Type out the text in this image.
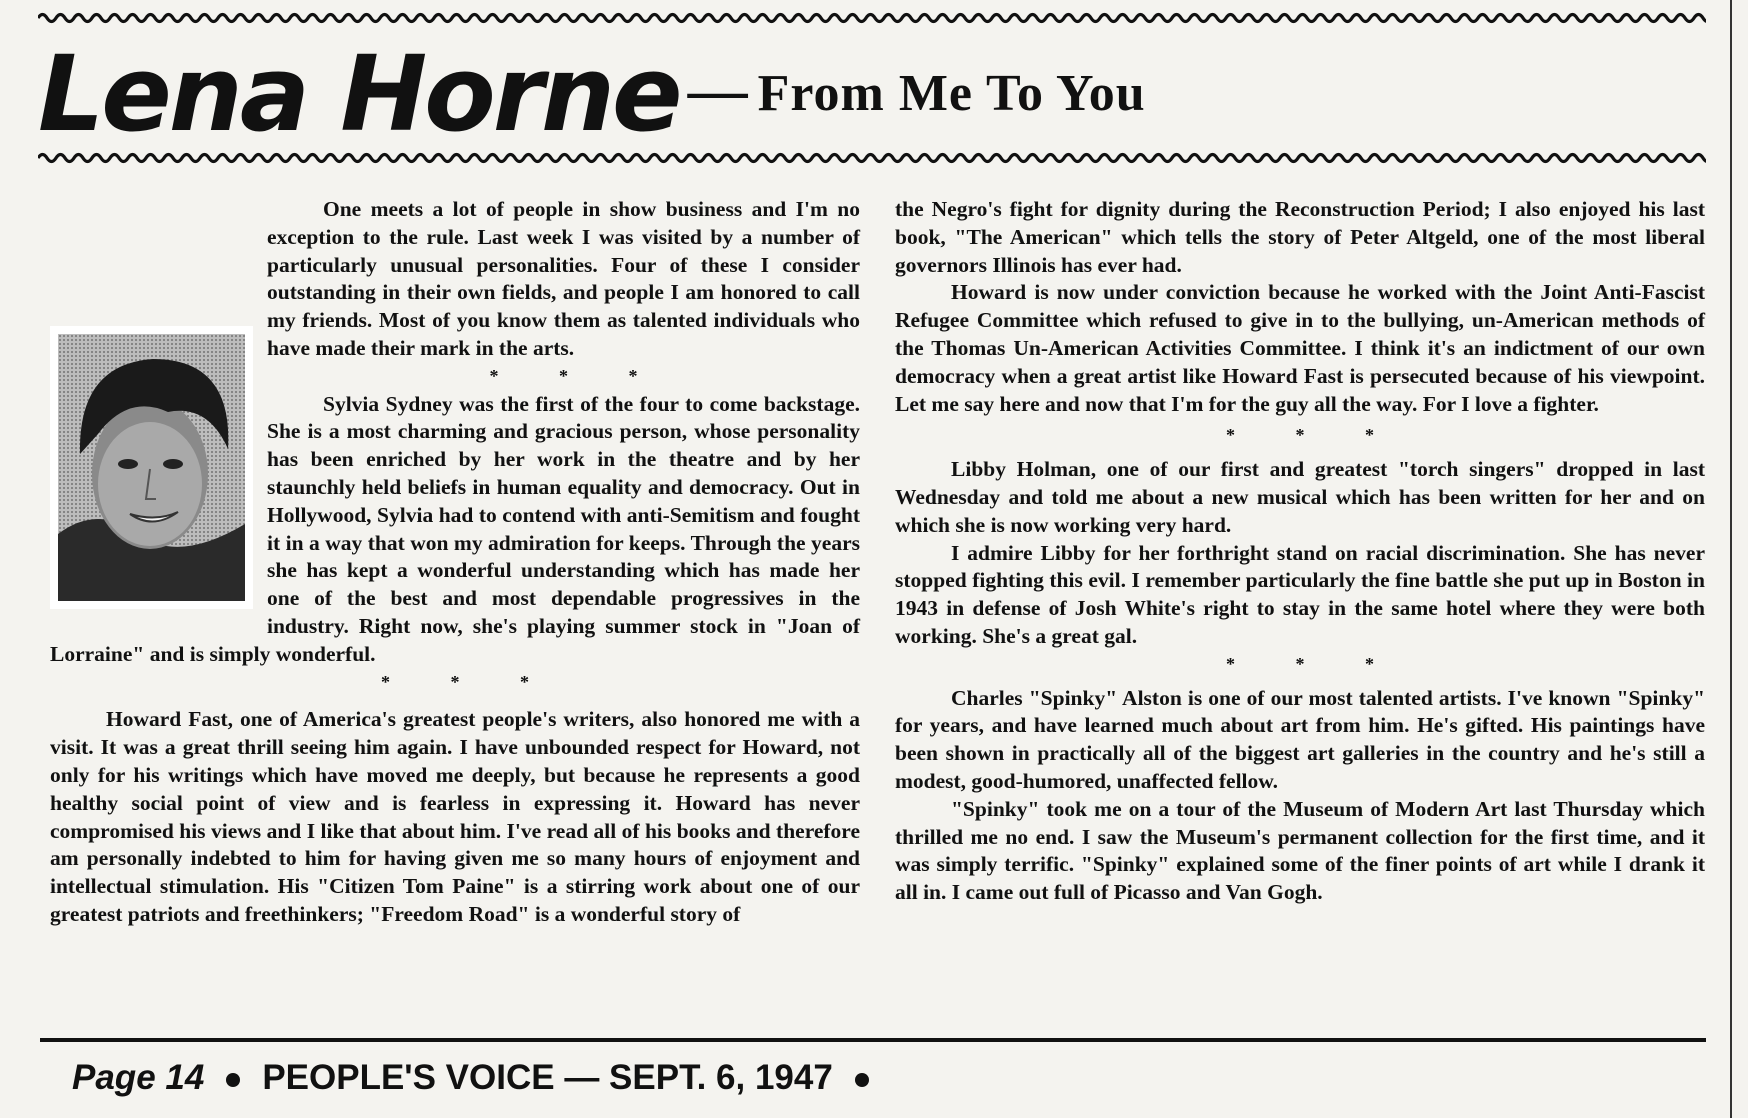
Lena Horne — From Me To You

One meets a lot of people in show business and I'm no exception to the rule. Last week I was visited by a number of particularly unusual personalities. Four of these I consider outstanding in their own fields, and people I am honored to call my friends. Most of you know them as talented individuals who have made their mark in the arts.

* * *

Sylvia Sydney was the first of the four to come backstage. She is a most charming and gracious person, whose personality has been enriched by her work in the theatre and by her staunchly held beliefs in human equality and democracy. Out in Hollywood, Sylvia had to contend with anti-Semitism and fought it in a way that won my admiration for keeps. Through the years she has kept a wonderful understanding which has made her one of the best and most dependable progressives in the industry. Right now, she's playing summer stock in "Joan of Lorraine" and is simply wonderful.

* * *

Howard Fast, one of America's greatest people's writers, also honored me with a visit. It was a great thrill seeing him again. I have unbounded respect for Howard, not only for his writings which have moved me deeply, but because he represents a good healthy social point of view and is fearless in expressing it. Howard has never compromised his views and I like that about him. I've read all of his books and therefore am personally indebted to him for having given me so many hours of enjoyment and intellectual stimulation. His "Citizen Tom Paine" is a stirring work about one of our greatest patriots and freethinkers; "Freedom Road" is a wonderful story of

the Negro's fight for dignity during the Reconstruction Period; I also enjoyed his last book, "The American" which tells the story of Peter Altgeld, one of the most liberal governors Illinois has ever had.

Howard is now under conviction because he worked with the Joint Anti-Fascist Refugee Committee which refused to give in to the bullying, un-American methods of the Thomas Un-American Activities Committee. I think it's an indictment of our own democracy when a great artist like Howard Fast is persecuted because of his viewpoint. Let me say here and now that I'm for the guy all the way. For I love a fighter.

* * *

Libby Holman, one of our first and greatest "torch singers" dropped in last Wednesday and told me about a new musical which has been written for her and on which she is now working very hard.

I admire Libby for her forthright stand on racial discrimination. She has never stopped fighting this evil. I remember particularly the fine battle she put up in Boston in 1943 in defense of Josh White's right to stay in the same hotel where they were both working. She's a great gal.

* * *

Charles "Spinky" Alston is one of our most talented artists. I've known "Spinky" for years, and have learned much about art from him. He's gifted. His paintings have been shown in practically all of the biggest art galleries in the country and he's still a modest, good-humored, unaffected fellow.

"Spinky" took me on a tour of the Museum of Modern Art last Thursday which thrilled me no end. I saw the Museum's permanent collection for the first time, and it was simply terrific. "Spinky" explained some of the finer points of art while I drank it all in. I came out full of Picasso and Van Gogh.

Page 14 PEOPLE'S VOICE — SEPT. 6, 1947
